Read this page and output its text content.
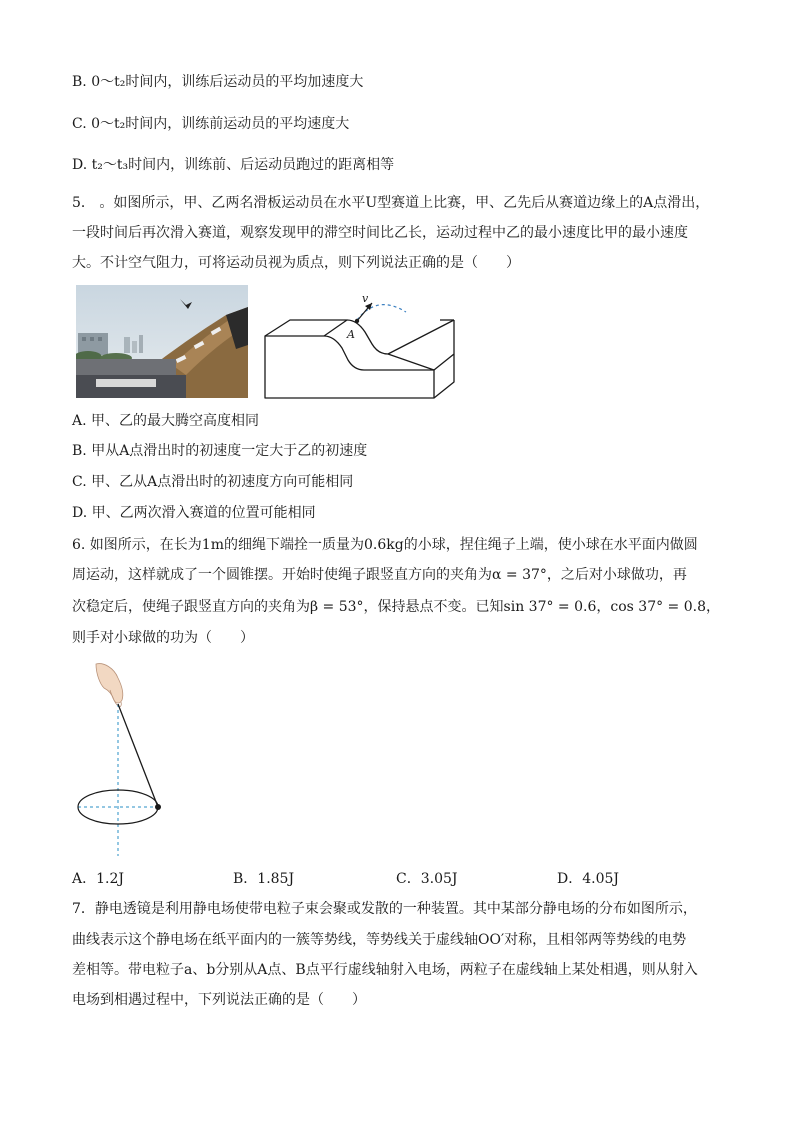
B. 0～t₂时间内，训练后运动员的平均加速度大
C. 0～t₂时间内，训练前运动员的平均速度大
D. t₂～t₃时间内，训练前、后运动员跑过的距离相等
5． 。如图所示，甲、乙两名滑板运动员在水平U型赛道上比赛，甲、乙先后从赛道边缘上的A点滑出，
一段时间后再次滑入赛道，观察发现甲的滞空时间比乙长，运动过程中乙的最小速度比甲的最小速度
大。不计空气阻力，可将运动员视为质点，则下列说法正确的是（　　）
v
A
A. 甲、乙的最大腾空高度相同
B. 甲从A点滑出时的初速度一定大于乙的初速度
C. 甲、乙从A点滑出时的初速度方向可能相同
D. 甲、乙两次滑入赛道的位置可能相同
6. 如图所示，在长为1m的细绳下端拴一质量为0.6kg的小球，捏住绳子上端，使小球在水平面内做圆
周运动，这样就成了一个圆锥摆。开始时使绳子跟竖直方向的夹角为α = 37°，之后对小球做功，再
次稳定后，使绳子跟竖直方向的夹角为β = 53°，保持悬点不变。已知sin 37° = 0.6，cos 37° = 0.8，
则手对小球做的功为（　　）
A．1.2J	B．1.85J	C．3.05J	D．4.05J
7．静电透镜是利用静电场使带电粒子束会聚或发散的一种装置。其中某部分静电场的分布如图所示，
曲线表示这个静电场在纸平面内的一簇等势线，等势线关于虚线轴OO′对称，且相邻两等势线的电势
差相等。带电粒子a、b分别从A点、B点平行虚线轴射入电场，两粒子在虚线轴上某处相遇，则从射入
电场到相遇过程中，下列说法正确的是（　　）
